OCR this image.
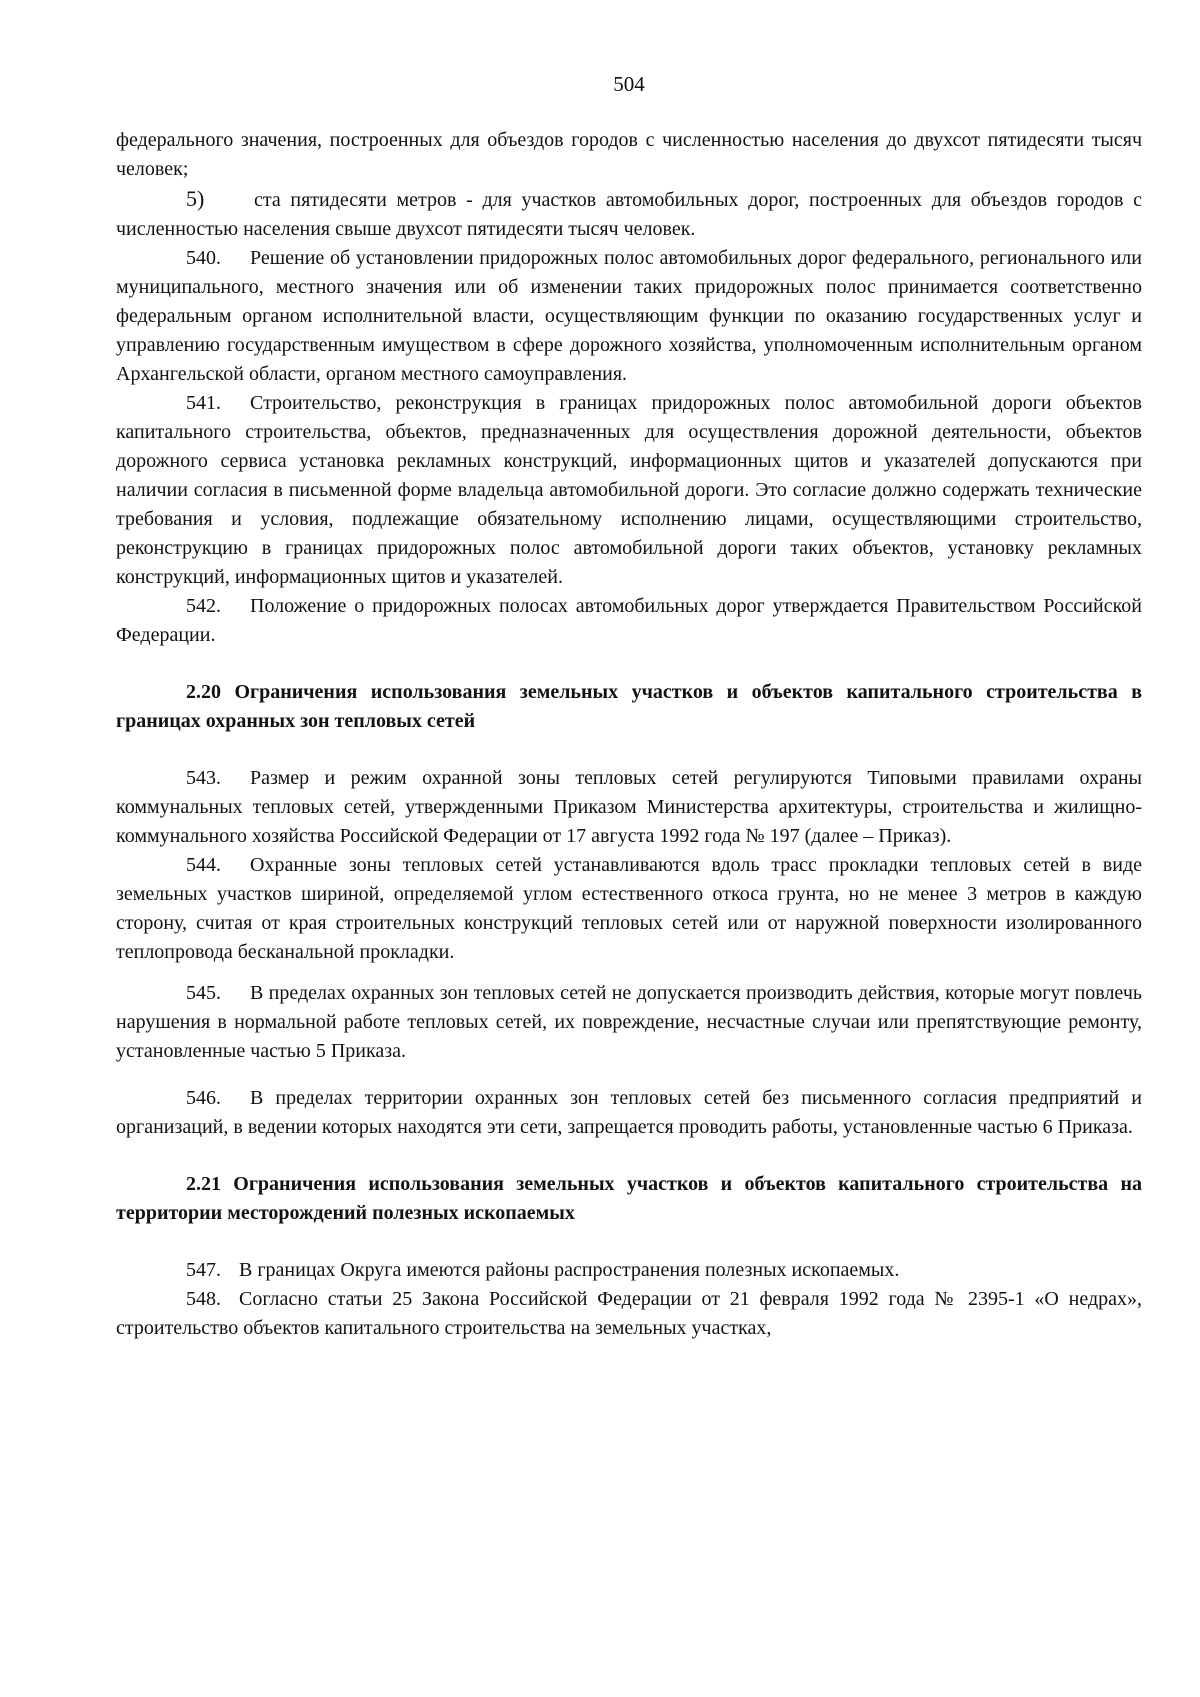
504

федерального значения, построенных для объездов городов с численностью населения до двухсот пятидесяти тысяч человек;

5) ста пятидесяти метров - для участков автомобильных дорог, построенных для объездов городов с численностью населения свыше двухсот пятидесяти тысяч человек.

540. Решение об установлении придорожных полос автомобильных дорог федерального, регионального или муниципального, местного значения или об изменении таких придорожных полос принимается соответственно федеральным органом исполнительной власти, осуществляющим функции по оказанию государственных услуг и управлению государственным имуществом в сфере дорожного хозяйства, уполномоченным исполнительным органом Архангельской области, органом местного самоуправления.

541. Строительство, реконструкция в границах придорожных полос автомобильной дороги объектов капитального строительства, объектов, предназначенных для осуществления дорожной деятельности, объектов дорожного сервиса установка рекламных конструкций, информационных щитов и указателей допускаются при наличии согласия в письменной форме владельца автомобильной дороги. Это согласие должно содержать технические требования и условия, подлежащие обязательному исполнению лицами, осуществляющими строительство, реконструкцию в границах придорожных полос автомобильной дороги таких объектов, установку рекламных конструкций, информационных щитов и указателей.

542. Положение о придорожных полосах автомобильных дорог утверждается Правительством Российской Федерации.

2.20 Ограничения использования земельных участков и объектов капитального строительства в границах охранных зон тепловых сетей

543. Размер и режим охранной зоны тепловых сетей регулируются Типовыми правилами охраны коммунальных тепловых сетей, утвержденными Приказом Министерства архитектуры, строительства и жилищно-коммунального хозяйства Российской Федерации от 17 августа 1992 года № 197 (далее – Приказ).

544. Охранные зоны тепловых сетей устанавливаются вдоль трасс прокладки тепловых сетей в виде земельных участков шириной, определяемой углом естественного откоса грунта, но не менее 3 метров в каждую сторону, считая от края строительных конструкций тепловых сетей или от наружной поверхности изолированного теплопровода бесканальной прокладки.

545. В пределах охранных зон тепловых сетей не допускается производить действия, которые могут повлечь нарушения в нормальной работе тепловых сетей, их повреждение, несчастные случаи или препятствующие ремонту, установленные частью 5 Приказа.

546. В пределах территории охранных зон тепловых сетей без письменного согласия предприятий и организаций, в ведении которых находятся эти сети, запрещается проводить работы, установленные частью 6 Приказа.

2.21 Ограничения использования земельных участков и объектов капитального строительства на территории месторождений полезных ископаемых

547. В границах Округа имеются районы распространения полезных ископаемых.

548. Согласно статьи 25 Закона Российской Федерации от 21 февраля 1992 года № 2395-1 «О недрах», строительство объектов капитального строительства на земельных участках,
